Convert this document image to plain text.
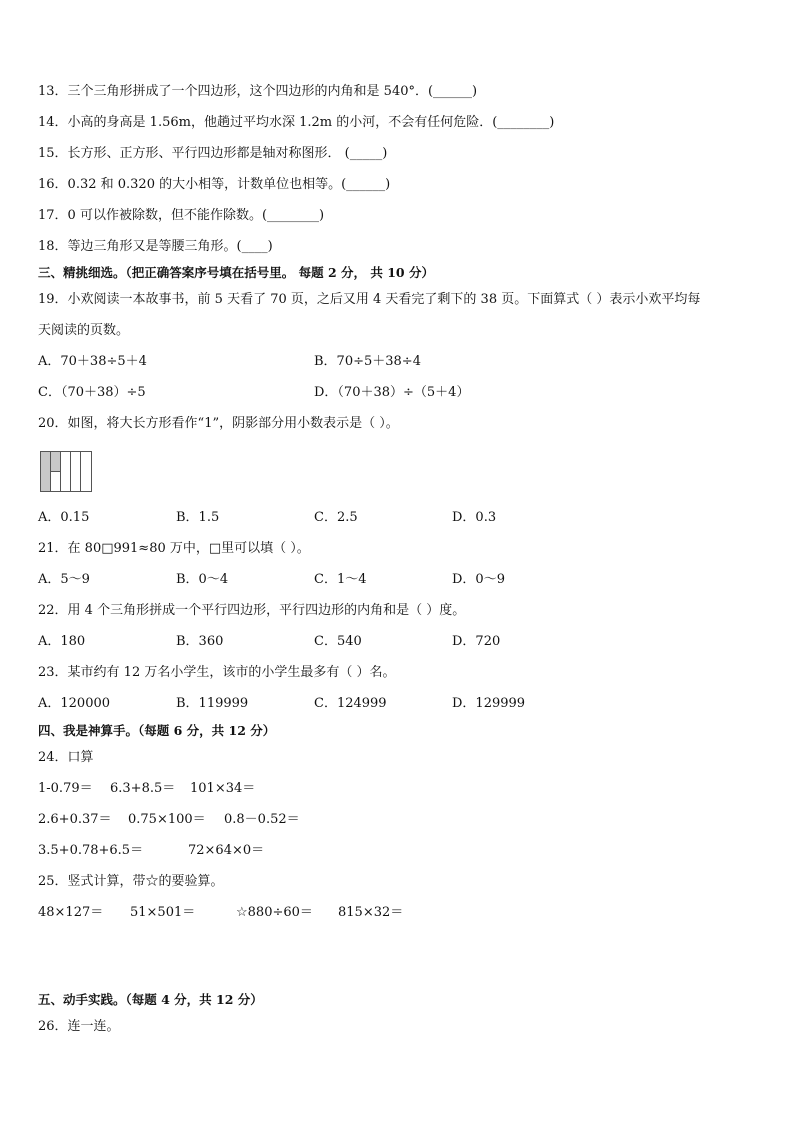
13．三个三角形拼成了一个四边形，这个四边形的内角和是 540°．(______)
14．小高的身高是 1.56m，他趟过平均水深 1.2m 的小河，不会有任何危险．(________)
15．长方形、正方形、平行四边形都是轴对称图形． (_____)
16．0.32 和 0.320 的大小相等，计数单位也相等。(______)
17．0 可以作被除数，但不能作除数。(________)
18．等边三角形又是等腰三角形。(____)
三、精挑细选。（把正确答案序号填在括号里。 每题 2 分， 共 10 分）
19．小欢阅读一本故事书，前 5 天看了 70 页，之后又用 4 天看完了剩下的 38 页。下面算式（ ）表示小欢平均每
天阅读的页数。
A．70＋38÷5＋4	B．70÷5＋38÷4
C．（70＋38）÷5	D．（70＋38）÷（5＋4）
20．如图，将大长方形看作“1”，阴影部分用小数表示是（ ）。
A．0.15	B．1.5	C．2.5	D．0.3
21．在 80□991≈80 万中，□里可以填（ ）。
A．5～9	B．0～4	C．1～4	D．0～9
22．用 4 个三角形拼成一个平行四边形，平行四边形的内角和是（ ）度。
A．180	B．360	C．540	D．720
23．某市约有 12 万名小学生，该市的小学生最多有（ ）名。
A．120000	B．119999	C．124999	D．129999
四、我是神算手。（每题 6 分，共 12 分）
24．口算
1-0.79＝ 6.3+8.5＝ 101×34＝
2.6+0.37＝ 0.75×100＝ 0.8－0.52＝
3.5+0.78+6.5＝	72×64×0＝
25．竖式计算，带☆的要验算。
48×127＝ 51×501＝	☆880÷60＝ 815×32＝
五、动手实践。（每题 4 分，共 12 分）
26．连一连。
